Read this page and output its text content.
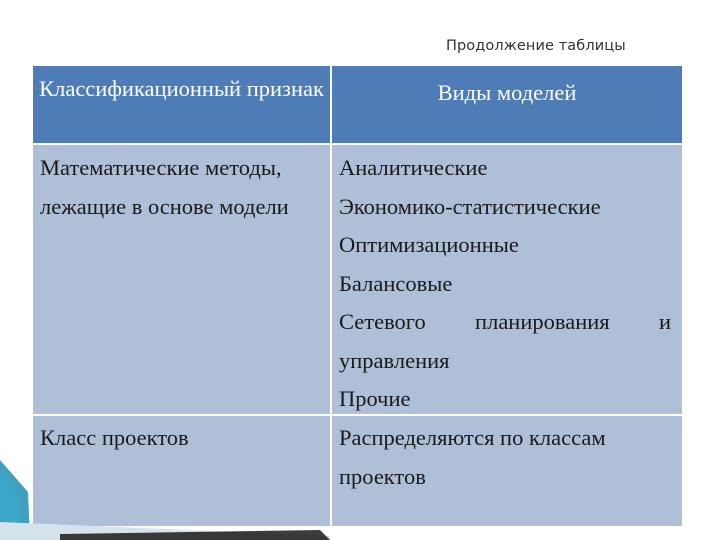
Продолжение таблицы
Классификационный признак	Виды моделей
Математические методы, лежащие в основе модели
Аналитические
Экономико-статистические
Оптимизационные
Балансовые
Сетевого планирования и
управления
Прочие
Класс проектов	Распределяются по классам проектов
